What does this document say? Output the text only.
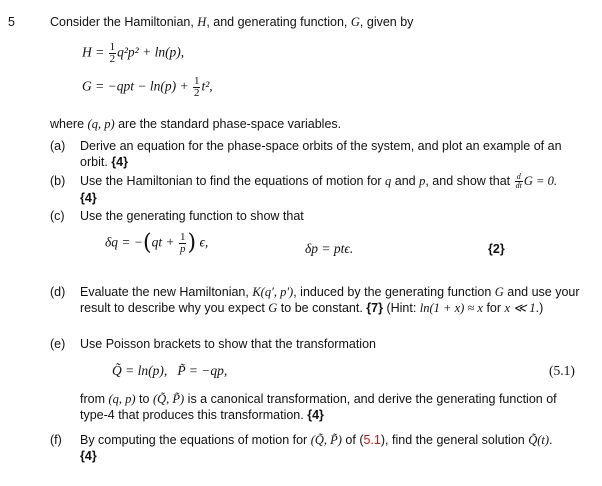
5	Consider the Hamiltonian, H, and generating function, G, given by
$H = \frac{1}{2} q^2p^2 + \ln(p)$,
$G = -qpt - \ln(p) + \frac{1}{2} t^2$,
where (q, p) are the standard phase-space variables.
(a)	Derive an equation for the phase-space orbits of the system, and plot an example of an orbit. {4}
(b)	Use the Hamiltonian to find the equations of motion for q and p, and show that $\frac{d}{dt}$ G = 0.
{4}
(c)	Use the generating function to show that
$\delta q = -(qt + \frac{1}{p}$ ) ϵ,	δp = ptϵ.	{2}
(d)	Evaluate the new Hamiltonian, K(q′, p′), induced by the generating function G and use your result to describe why you expect G to be constant. {7} (Hint: ln(1 + x) ≈ x for x ≪ 1.)
(e)	Use Poisson brackets to show that the transformation
Q̃ = ln(p),   P̃ = −qp,	(5.1)
from (q, p) to (Q̃, P̃) is a canonical transformation, and derive the generating function of
type-4 that produces this transformation. {4}
(f)	By computing the equations of motion for (Q̃, P̃) of (5.1), find the general solution Q̃(t).
{4}
